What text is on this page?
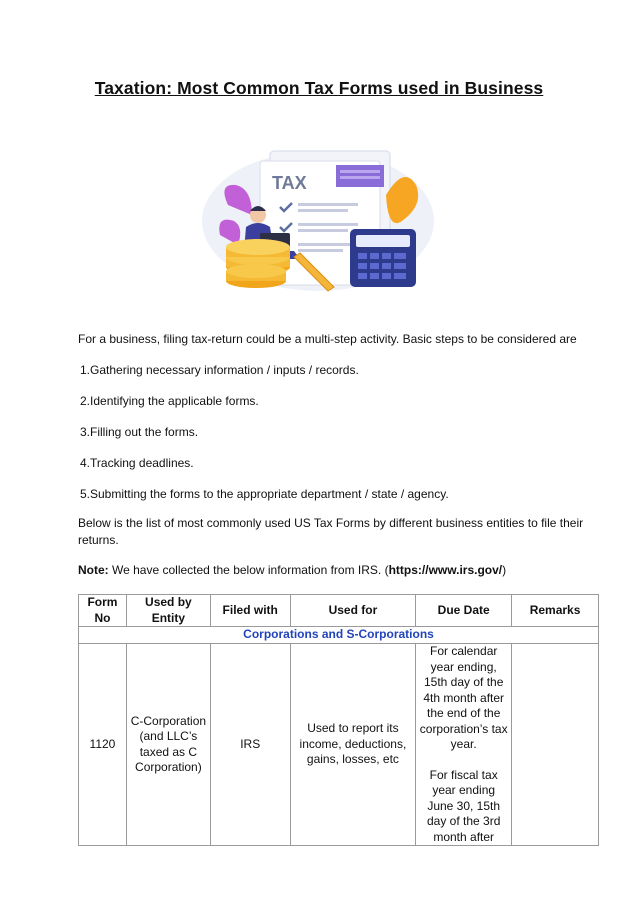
Taxation: Most Common Tax Forms used in Business
TAX

For a business, filing tax-return could be a multi-step activity. Basic steps to be considered are

1.Gathering necessary information / inputs / records.

2.Identifying the applicable forms.

3.Filling out the forms.

4.Tracking deadlines.

5.Submitting the forms to the appropriate department / state / agency.

Below is the list of most commonly used US Tax Forms by different business entities to file their returns.

Note: We have collected the below information from IRS. (https://www.irs.gov/)

Form No	Used by Entity	Filed with	Used for	Due Date	Remarks
Corporations and S-Corporations					
1120	C-Corporation (and LLC’s taxed as C Corporation)	IRS	Used to report its income, deductions, gains, losses, etc	For calendar year ending, 15th day of the 4th month after the end of the corporation’s tax year.
For fiscal tax year ending June 30, 15th day of the 3rd month after	
